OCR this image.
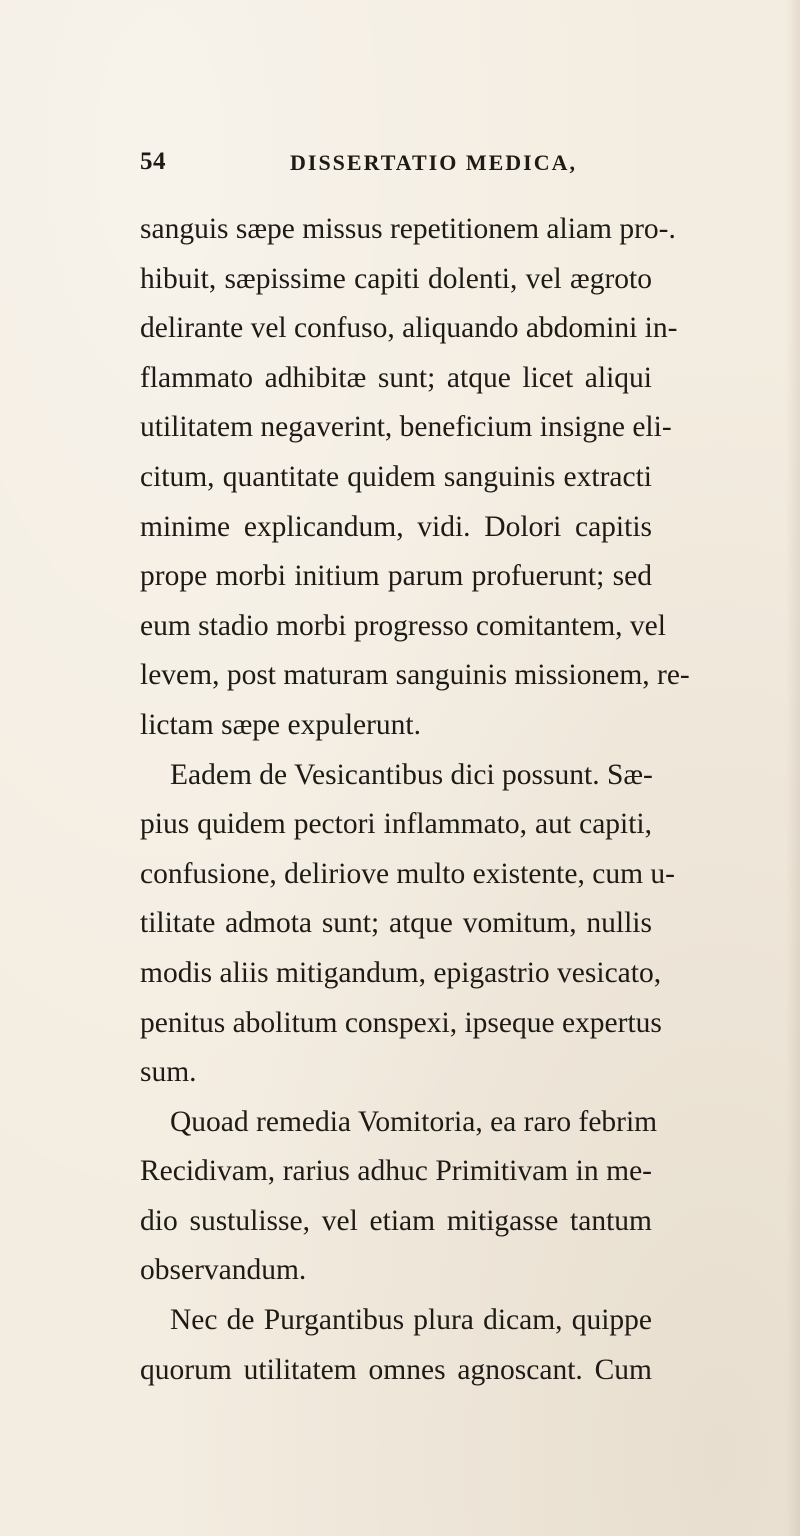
54	DISSERTATIO MEDICA,
sanguis sæpe missus repetitionem aliam pro-.
hibuit, sæpissime capiti dolenti, vel ægroto
delirante vel confuso, aliquando abdomini in-
flammato adhibitæ sunt; atque licet aliqui
utilitatem negaverint, beneficium insigne eli-
citum, quantitate quidem sanguinis extracti
minime explicandum, vidi. Dolori capitis
prope morbi initium parum profuerunt; sed
eum stadio morbi progresso comitantem, vel
levem, post maturam sanguinis missionem, re-
lictam sæpe expulerunt.
Eadem de Vesicantibus dici possunt. Sæ-
pius quidem pectori inflammato, aut capiti,
confusione, deliriove multo existente, cum u-
tilitate admota sunt; atque vomitum, nullis
modis aliis mitigandum, epigastrio vesicato,
penitus abolitum conspexi, ipseque expertus
sum.
Quoad remedia Vomitoria, ea raro febrim
Recidivam, rarius adhuc Primitivam in me-
dio sustulisse, vel etiam mitigasse tantum
observandum.
Nec de Purgantibus plura dicam, quippe
quorum utilitatem omnes agnoscant. Cum
